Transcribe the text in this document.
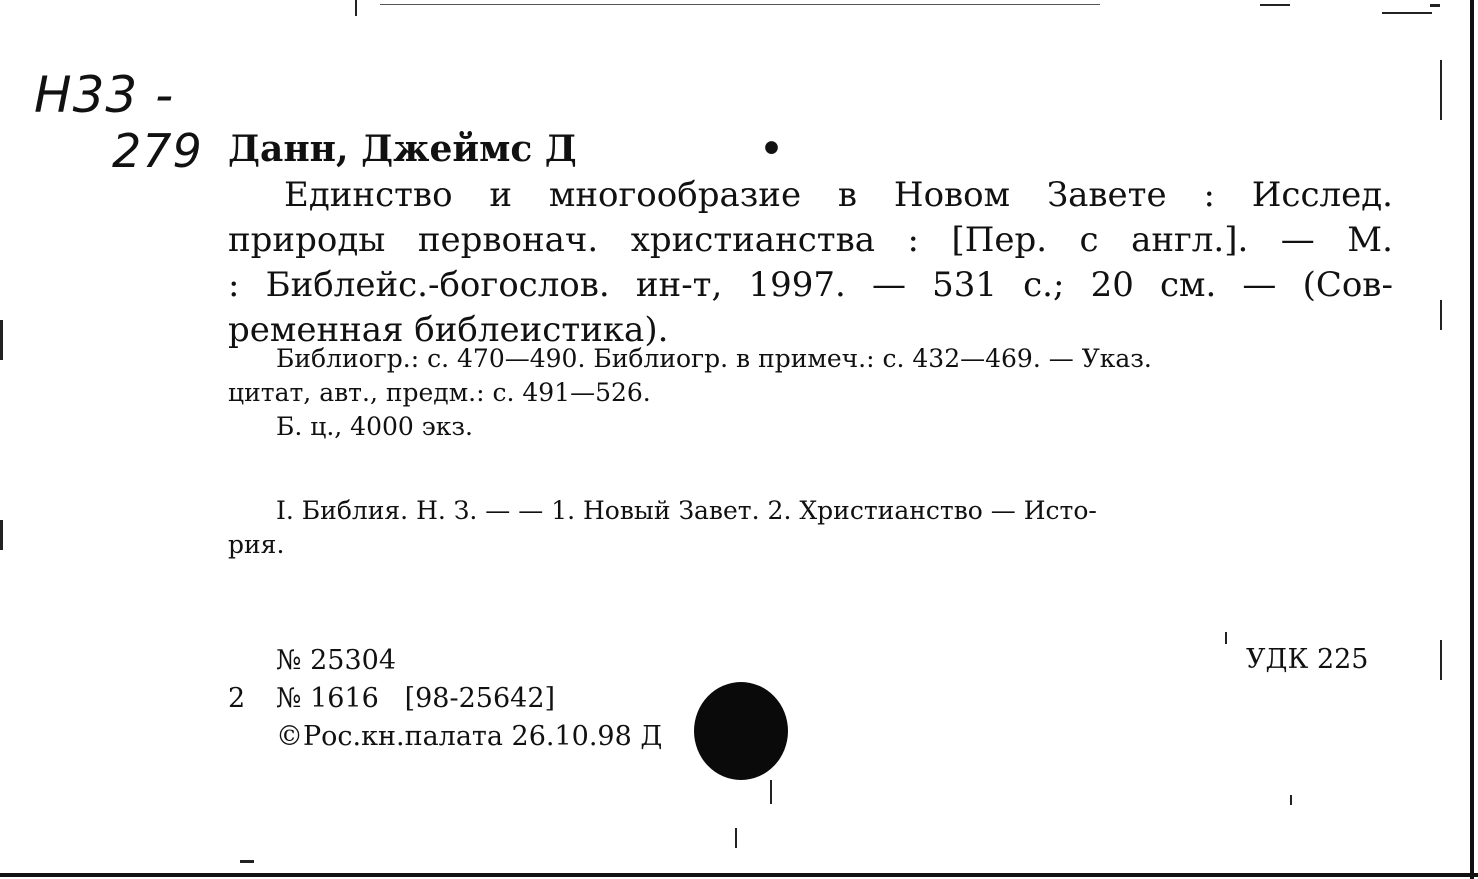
Н33 -
279 Данн, Джеймс Д	•
Единство и многообразие в Новом Завете : Исслед.
природы первонач. христианства : [Пер. с англ.]. — М.
: Библейс.-богослов. ин-т, 1997. — 531 с.; 20 см. — (Сов-
ременная библеистика).
Библиогр.: с. 470—490. Библиогр. в примеч.: с. 432—469. — Указ.
цитат, авт., предм.: с. 491—526.
Б. ц., 4000 экз.
I. Библия. Н. З. — — 1. Новый Завет. 2. Христианство — Исто-
рия.
№ 25304
2 № 1616   [98-25642]
©Рос.кн.палата 26.10.98 Д
УДК 225
